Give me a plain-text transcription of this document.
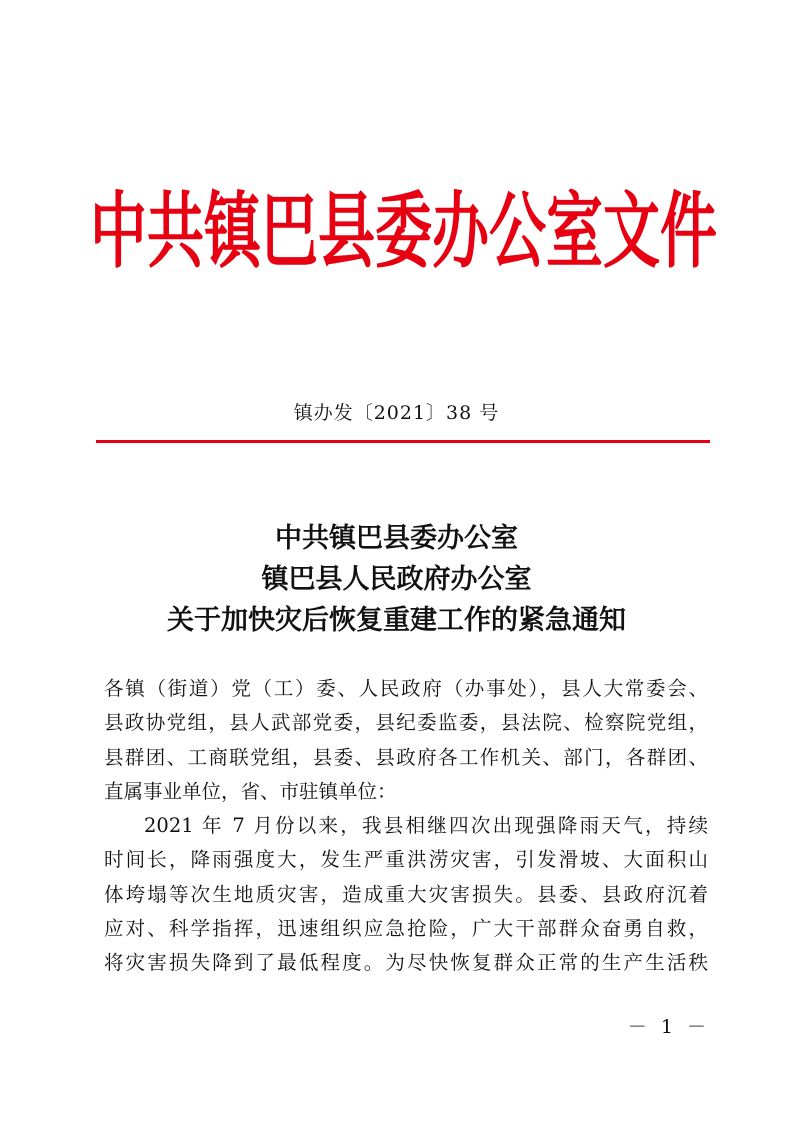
中 共 镇 巴 县 委 办 公 室 文 件
镇办发〔2021〕38 号
中共镇巴县委办公室
镇巴县人民政府办公室
关于加快灾后恢复重建工作的紧急通知
各镇（街道）党（工）委、人民政府（办事处），县人大常委会、
县政协党组，县人武部党委，县纪委监委，县法院、检察院党组，
县群团、工商联党组，县委、县政府各工作机关、部门，各群团、
直属事业单位，省、市驻镇单位：
2021 年 7 月份以来，我县相继四次出现强降雨天气，持续
时间长，降雨强度大，发生严重洪涝灾害，引发滑坡、大面积山
体垮塌等次生地质灾害，造成重大灾害损失。县委、县政府沉着
应对、科学指挥，迅速组织应急抢险，广大干部群众奋勇自救，
将灾害损失降到了最低程度。为尽快恢复群众正常的生产生活秩
－ 1 －
